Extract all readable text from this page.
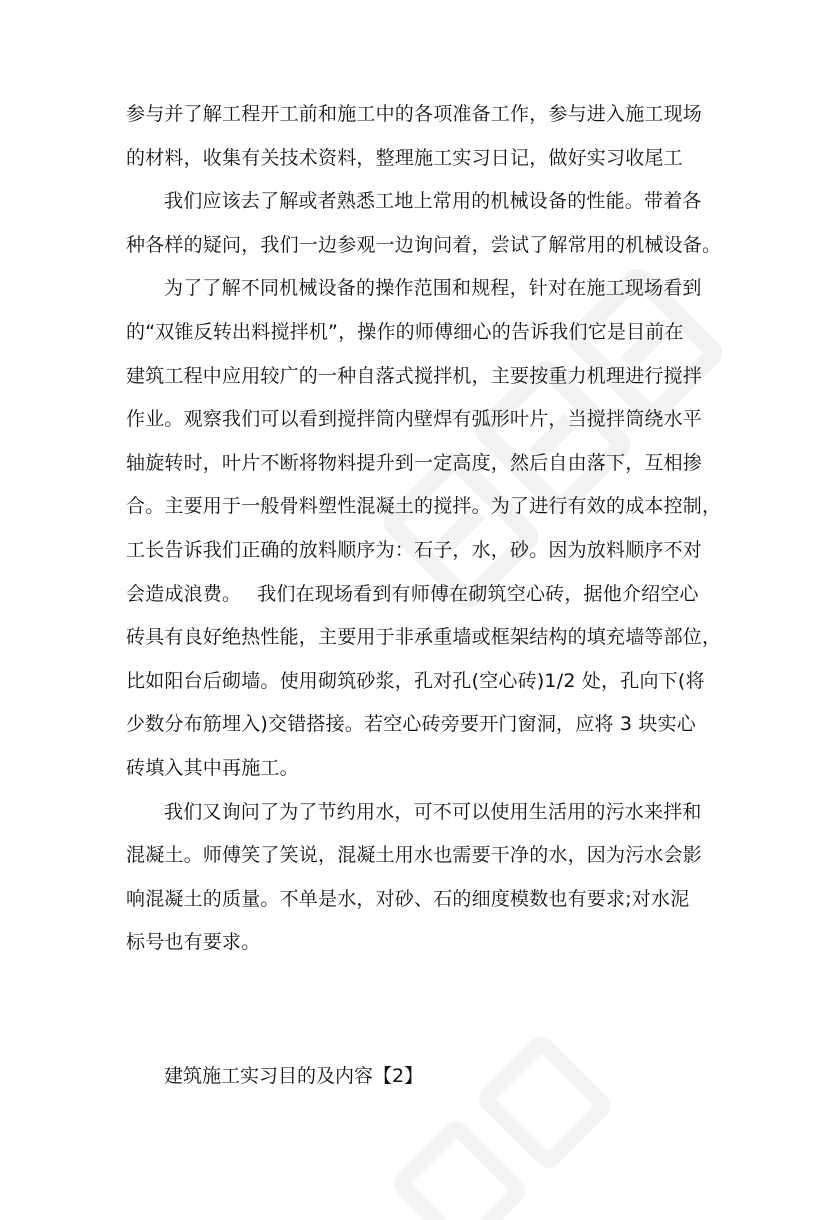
参与并了解工程开工前和施工中的各项准备工作，参与进入施工现场
的材料，收集有关技术资料，整理施工实习日记，做好实习收尾工
我们应该去了解或者熟悉工地上常用的机械设备的性能。带着各
种各样的疑问，我们一边参观一边询问着，尝试了解常用的机械设备。
为了了解不同机械设备的操作范围和规程，针对在施工现场看到
的“双锥反转出料搅拌机”，操作的师傅细心的告诉我们它是目前在
建筑工程中应用较广的一种自落式搅拌机，主要按重力机理进行搅拌
作业。观察我们可以看到搅拌筒内壁焊有弧形叶片，当搅拌筒绕水平
轴旋转时，叶片不断将物料提升到一定高度，然后自由落下，互相掺
合。主要用于一般骨料塑性混凝土的搅拌。为了进行有效的成本控制，
工长告诉我们正确的放料顺序为：石子，水，砂。因为放料顺序不对
会造成浪费。　 我们在现场看到有师傅在砌筑空心砖，据他介绍空心
砖具有良好绝热性能，主要用于非承重墙或框架结构的填充墙等部位，
比如阳台后砌墙。使用砌筑砂浆，孔对孔(空心砖)1/2 处，孔向下(将
少数分布筋埋入)交错搭接。若空心砖旁要开门窗洞，应将 3 块实心
砖填入其中再施工。
我们又询问了为了节约用水，可不可以使用生活用的污水来拌和
混凝土。师傅笑了笑说，混凝土用水也需要干净的水，因为污水会影
响混凝土的质量。不单是水，对砂、石的细度模数也有要求;对水泥
标号也有要求。
建筑施工实习目的及内容【2】
